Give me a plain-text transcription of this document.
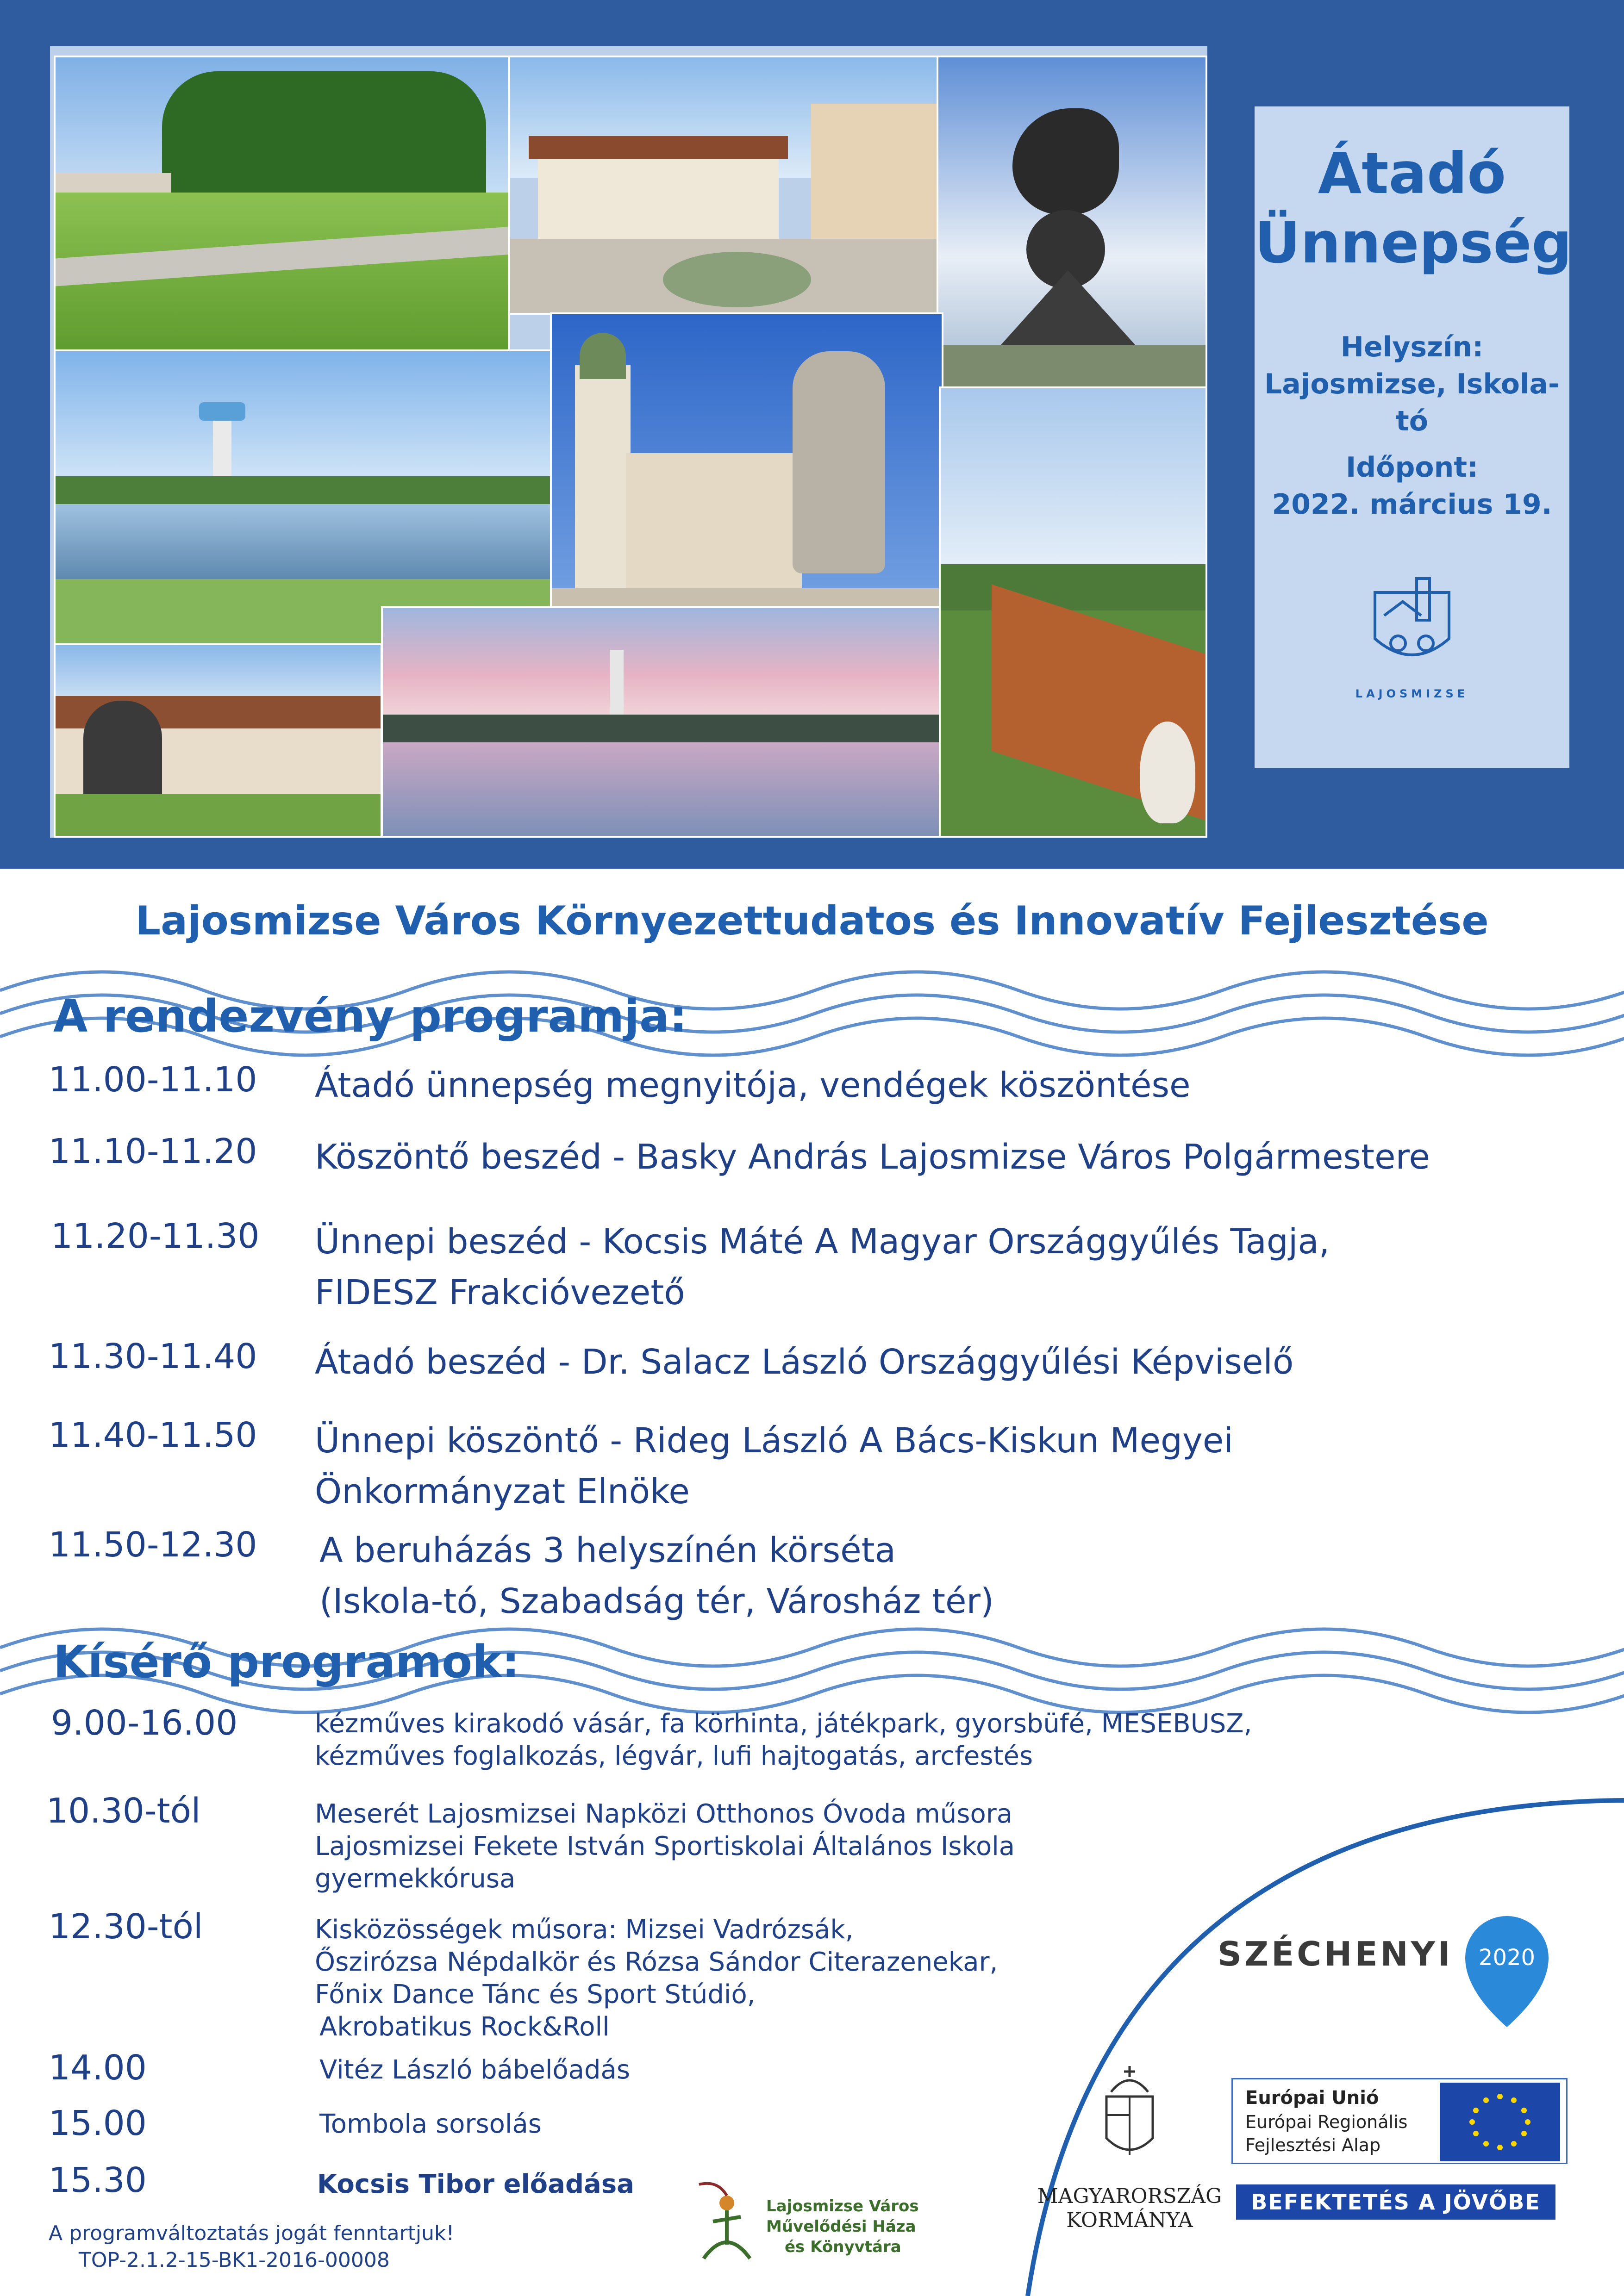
Átadó
Ünnepség
Helyszín:
Lajosmizse, Iskola-tó
Időpont:
2022. március 19.
LAJOSMIZSE
Lajosmizse Város Környezettudatos és Innovatív Fejlesztése
A rendezvény programja:
11.00-11.10 Átadó ünnepség megnyitója, vendégek köszöntése
11.10-11.20 Köszöntő beszéd - Basky András Lajosmizse Város Polgármestere
11.20-11.30 Ünnepi beszéd - Kocsis Máté A Magyar Országgyűlés Tagja,
FIDESZ Frakcióvezető
11.30-11.40 Átadó beszéd - Dr. Salacz László Országgyűlési Képviselő
11.40-11.50 Ünnepi köszöntő - Rideg László A Bács-Kiskun Megyei
Önkormányzat Elnöke
11.50-12.30 A beruházás 3 helyszínén körséta
(Iskola-tó, Szabadság tér, Városház tér)
Kísérő programok:
9.00-16.00	kézműves kirakodó vásár, fa körhinta, játékpark, gyorsbüfé, MESEBUSZ,
kézműves foglalkozás, légvár, lufi hajtogatás, arcfestés
10.30-tól	Meserét Lajosmizsei Napközi Otthonos Óvoda műsora
Lajosmizsei Fekete István Sportiskolai Általános Iskola
gyermekkórusa
12.30-tól	Kisközösségek műsora: Mizsei Vadrózsák,
Őszirózsa Népdalkör és Rózsa Sándor Citerazenekar,
Főnix Dance Tánc és Sport Stúdió,
Akrobatikus Rock&Roll
14.00	Vitéz László bábelőadás
15.00	Tombola sorsolás
15.30	Kocsis Tibor előadása
A programváltoztatás jogát fenntartjuk!
TOP-2.1.2-15-BK1-2016-00008
SZÉCHENYI 2020
MAGYARORSZÁG
KORMÁNYA
Európai Unió
Európai Regionális
Fejlesztési Alap
BEFEKTETÉS A JÖVŐBE
Lajosmizse Város
Művelődési Háza
és Könyvtára
